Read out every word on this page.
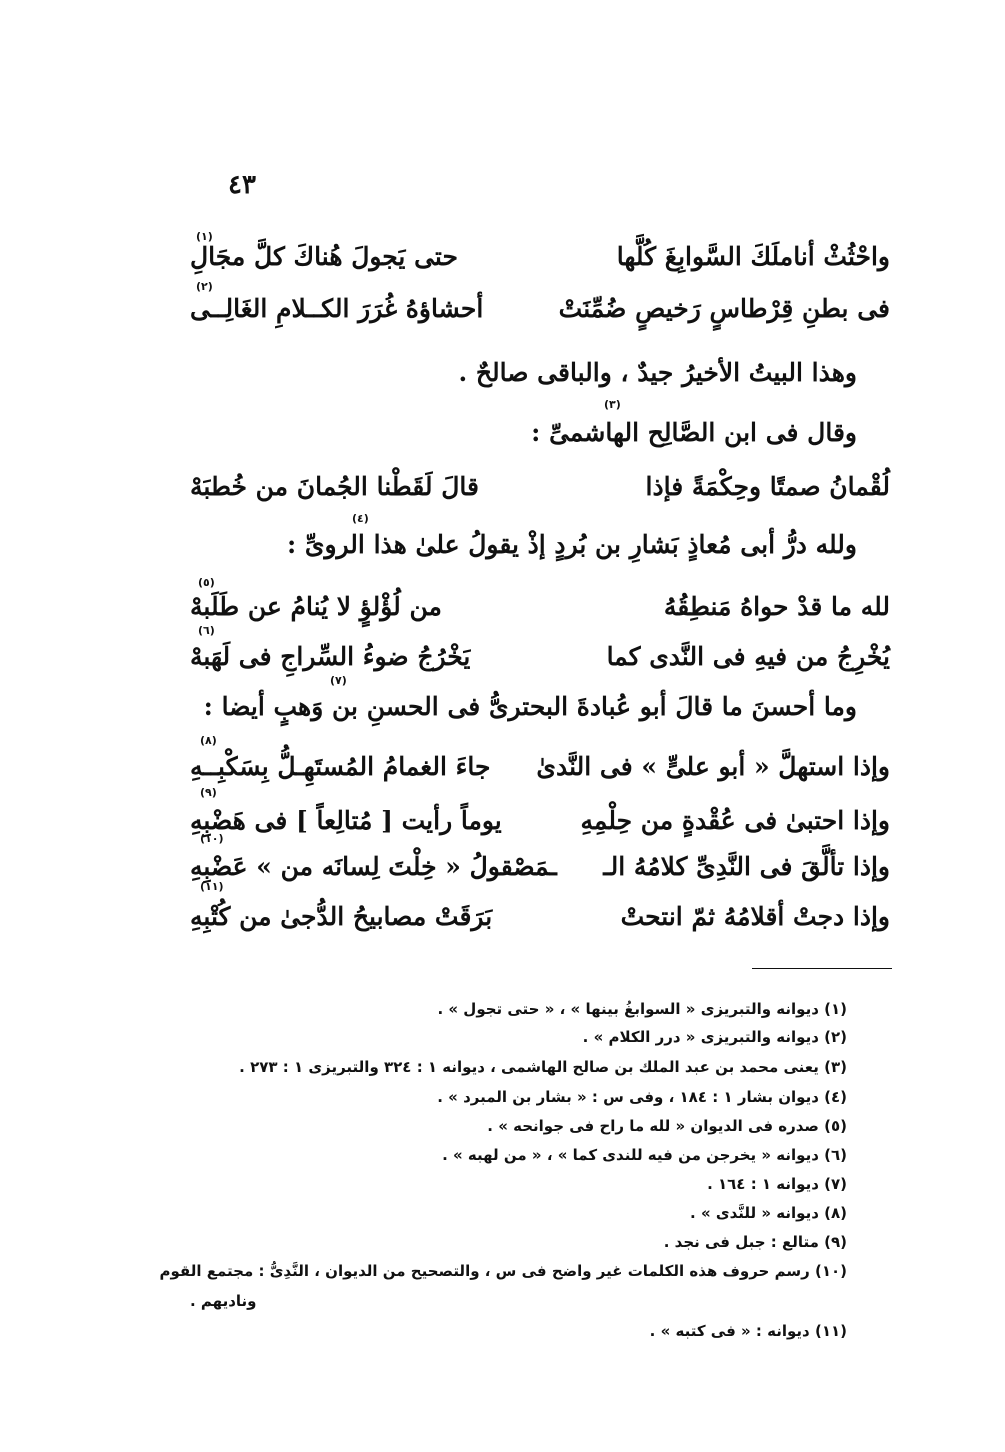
٤٣
واحْثُثْ أناملَكَ السَّوابِغَ كُلَّها
حتى يَجولَ هُناكَ كلَّ مجَالِ
(١)
فى بطنِ قِرْطاسٍ رَخيصٍ ضُمِّنَتْ
أحشاؤهُ غُرَرَ الكــلامِ الغَالِــى
(٢)
وهذا البيتُ الأخيرُ جيدٌ ، والباقى صالحٌ .
(٣)
وقال فى ابن الصَّالِح الهاشمىِّ :
لُقْمانُ صمتًا وحِكْمَةً فإذا
قالَ لَقَطْنا الجُمانَ من خُطبَهْ
(٤)
ولله درُّ أبى مُعاذٍ بَشارِ بن بُردٍ إذْ يقولُ علىٰ هذا الروىِّ :
لله ما قدْ حواهُ مَنطِقُهُ
من لُؤْلؤٍ لا يُنامُ عن طَلَبهْ
(٥)
يُخْرِجُ من فيهِ فى النَّدى كما
يَخْرُجُ ضوءُ السِّراجِ فى لَهَبهْ
(٦)
(٧)
وما أحسنَ ما قالَ أبو عُبادةَ البحترىُّ فى الحسنِ بن وَهبٍ أيضا :
وإذا استهلَّ « أبو علىٍّ » فى النَّدىٰ
جاءَ الغمامُ المُستَهِـلُّ بِسَكْبِــهِ
(٨)
وإذا احتبىٰ فى عُقْدةٍ من حِلْمِهِ
يوماً رأيت [ مُتالِعاً ] فى هَضْبِهِ
(٩)
وإذا تألَّقَ فى النَّدِىِّ كلامُهُ الـ
ـمَصْقولُ « خِلْتَ لِسانَه من » عَضْبِهِ
(١٠)
وإذا دجتْ أقلامُهُ ثمّ انتحتْ
بَرَقَتْ مصابيحُ الدُّجىٰ من كُتْبِهِ
(١١)
(١) ديوانه والتبريزى « السوابغُ بينها » ، « حتى تجول » .
(٢) ديوانه والتبريزى « درر الكلام » .
(٣) يعنى محمد بن عبد الملك بن صالح الهاشمى ، ديوانه ١ : ٣٢٤ والتبريزى ١ : ٢٧٣ .
(٤) ديوان بشار ١ : ١٨٤ ، وفى س : « بشار بن المبرد » .
(٥) صدره فى الديوان « لله ما راح فى جوانحه » .
(٦) ديوانه « يخرجن من فيه للندى كما » ، « من لهبه » .
(٧) ديوانه ١ : ١٦٤ .
(٨) ديوانه « للنَّدى » .
(٩) متالع : جبل فى نجد .
(١٠) رسم حروف هذه الكلمات غير واضح فى س ، والتصحيح من الديوان ، النَّدِىُّ : مجتمع القوم
وناديهم .
(١١) ديوانه : « فى كتبه » .
